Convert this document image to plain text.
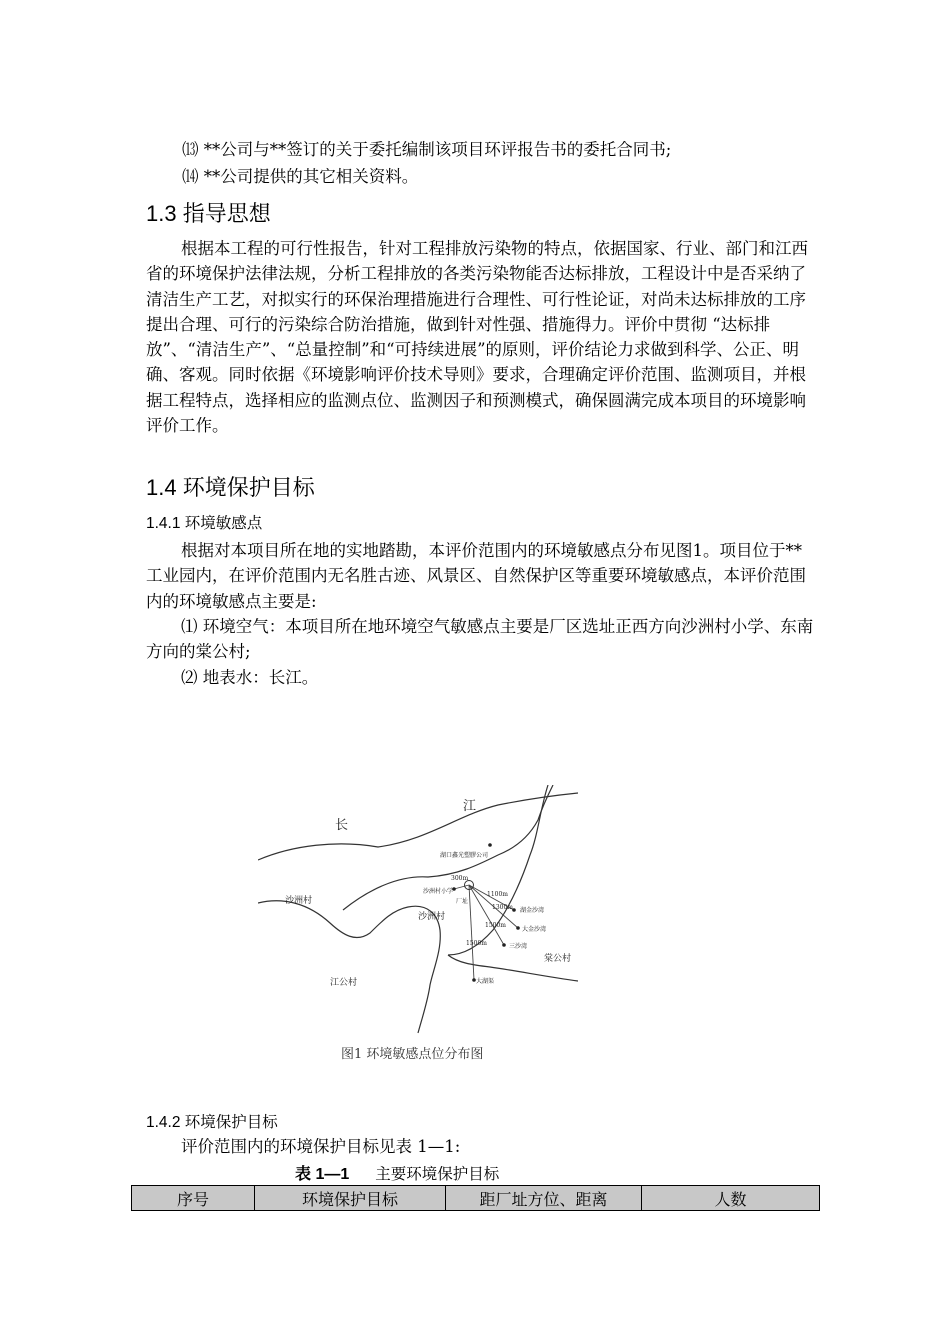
⒀ **公司与**签订的关于委托编制该项目环评报告书的委托合同书;
⒁ **公司提供的其它相关资料。
1.3 指导思想
根据本工程的可行性报告，针对工程排放污染物的特点，依据国家、行业、部门和江西省的环境保护法律法规，分析工程排放的各类污染物能否达标排放，工程设计中是否采纳了清洁生产工艺，对拟实行的环保治理措施进行合理性、可行性论证，对尚未达标排放的工序提出合理、可行的污染综合防治措施，做到针对性强、措施得力。评价中贯彻 “达标排放”、“清洁生产”、“总量控制”和“可持续进展”的原则，评价结论力求做到科学、公正、明确、客观。同时依据《环境影响评价技术导则》要求，合理确定评价范围、监测项目，并根据工程特点，选择相应的监测点位、监测因子和预测模式，确保圆满完成本项目的环境影响评价工作。
1.4 环境保护目标
1.4.1 环境敏感点
根据对本项目所在地的实地踏勘，本评价范围内的环境敏感点分布见图1。项目位于**工业园内，在评价范围内无名胜古迹、风景区、自然保护区等重要环境敏感点，本评价范围内的环境敏感点主要是:
⑴ 环境空气：本项目所在地环境空气敏感点主要是厂区选址正西方向沙洲村小学、东南方向的棠公村;
⑵ 地表水：长江。
江
长
湖口鑫光塑膠公司
沙洲村
沙洲村
江公村
棠公村
沙洲村小学
厂址
湖金沙湾
大金沙湾
三沙湾
大湖渠
300m
1100m
1300m
1500m
1500m
图1 环境敏感点位分布图
1.4.2 环境保护目标
评价范围内的环境保护目标见表 1—1:
表 1—1 主要环境保护目标
序号	环境保护目标	距厂址方位、距离	人数
